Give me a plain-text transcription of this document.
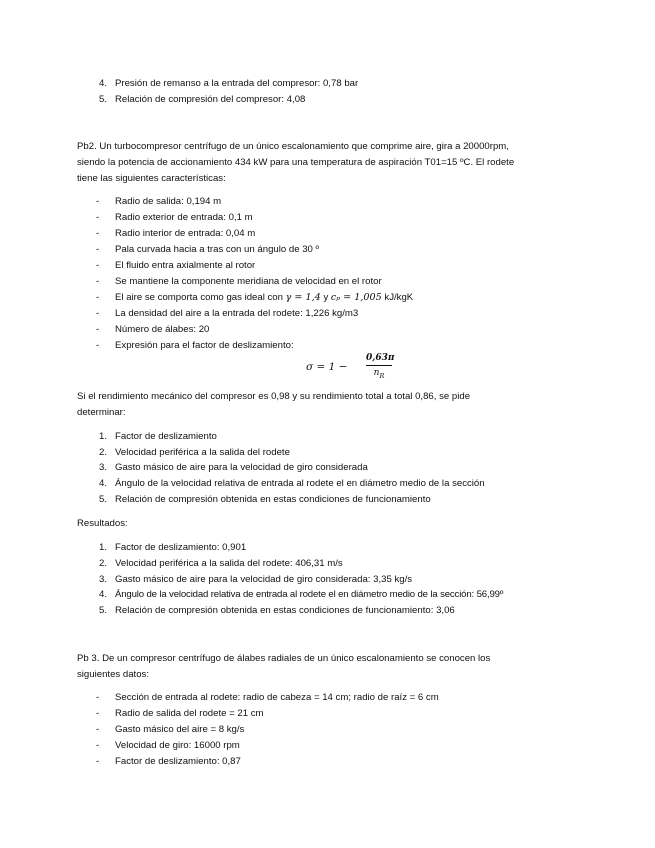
4. Presión de remanso a la entrada del compresor: 0,78 bar
5. Relación de compresión del compresor: 4,08
Pb2. Un turbocompresor centrífugo de un único escalonamiento que comprime aire, gira a 20000rpm,
siendo la potencia de accionamiento 434 kW para una temperatura de aspiración T01=15 ºC. El rodete
tiene las siguientes características:
- Radio de salida: 0,194 m
- Radio exterior de entrada: 0,1 m
- Radio interior de entrada: 0,04 m
- Pala curvada hacia a tras con un ángulo de 30 º
- El fluido entra axialmente al rotor
- Se mantiene la componente meridiana de velocidad en el rotor
- El aire se comporta como gas ideal con γ = 1,4 y cₚ = 1,005 kJ/kgK
- La densidad del aire a la entrada del rodete: 1,226 kg/m3
- Número de álabes: 20
- Expresión para el factor de deslizamiento:
σ = 1 −
0,63π
$n_R$
Si el rendimiento mecánico del compresor es 0,98 y su rendimiento total a total 0,86, se pide
determinar:
1. Factor de deslizamiento
2. Velocidad periférica a la salida del rodete
3. Gasto másico de aire para la velocidad de giro considerada
4. Ángulo de la velocidad relativa de entrada al rodete el en diámetro medio de la sección
5. Relación de compresión obtenida en estas condiciones de funcionamiento
Resultados:
1. Factor de deslizamiento: 0,901
2. Velocidad periférica a la salida del rodete: 406,31 m/s
3. Gasto másico de aire para la velocidad de giro considerada: 3,35 kg/s
4. Ángulo de la velocidad relativa de entrada al rodete el en diámetro medio de la sección: 56,99º
5. Relación de compresión obtenida en estas condiciones de funcionamiento: 3,06
Pb 3. De un compresor centrífugo de álabes radiales de un único escalonamiento se conocen los
siguientes datos:
- Sección de entrada al rodete: radio de cabeza = 14 cm; radio de raíz = 6 cm
- Radio de salida del rodete = 21 cm
- Gasto másico del aire = 8 kg/s
- Velocidad de giro: 16000 rpm
- Factor de deslizamiento: 0,87
